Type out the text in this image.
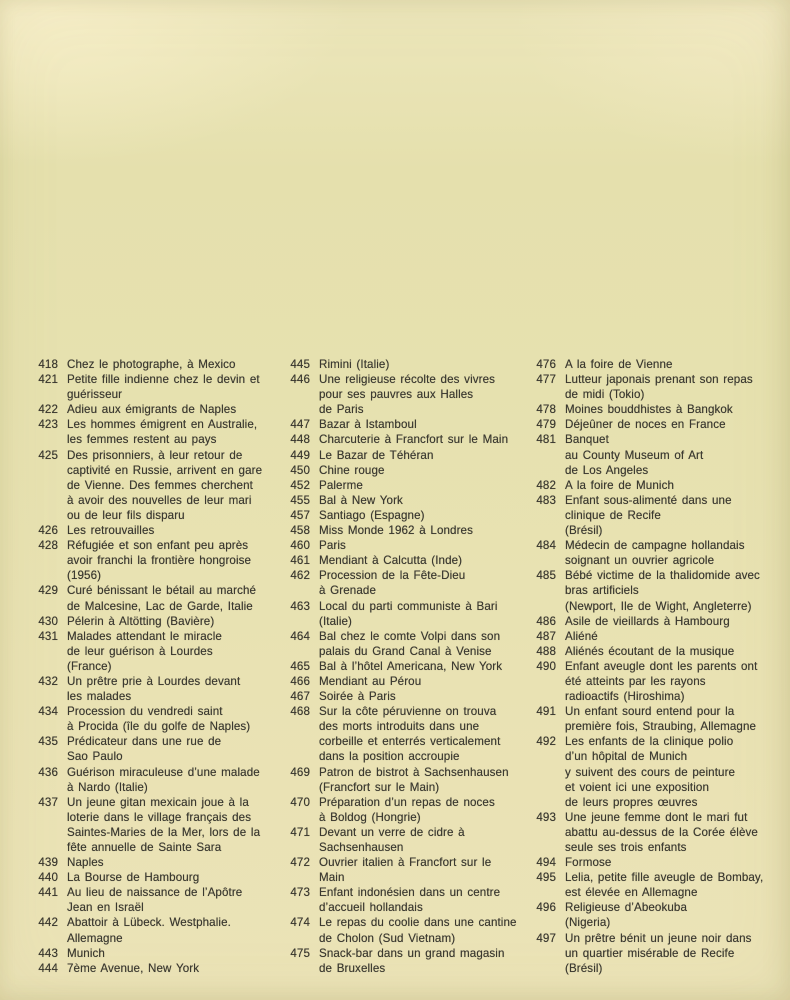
418 Chez le photographe, à Mexico
421 Petite fille indienne chez le devin et
guérisseur
422 Adieu aux émigrants de Naples
423 Les hommes émigrent en Australie,
les femmes restent au pays
425 Des prisonniers, à leur retour de
captivité en Russie, arrivent en gare
de Vienne. Des femmes cherchent
à avoir des nouvelles de leur mari
ou de leur fils disparu
426 Les retrouvailles
428 Réfugiée et son enfant peu après
avoir franchi la frontière hongroise
(1956)
429 Curé bénissant le bétail au marché
de Malcesine, Lac de Garde, Italie
430 Pélerin à Altötting (Bavière)
431 Malades attendant le miracle
de leur guérison à Lourdes
(France)
432 Un prêtre prie à Lourdes devant
les malades
434 Procession du vendredi saint
à Procida (île du golfe de Naples)
435 Prédicateur dans une rue de
Sao Paulo
436 Guérison miraculeuse d’une malade
à Nardo (Italie)
437 Un jeune gitan mexicain joue à la
loterie dans le village français des
Saintes-Maries de la Mer, lors de la
fête annuelle de Sainte Sara
439 Naples
440 La Bourse de Hambourg
441 Au lieu de naissance de l’Apôtre
Jean en Israël
442 Abattoir à Lübeck. Westphalie.
Allemagne
443 Munich
444 7ème Avenue, New York
445 Rimini (Italie)
446 Une religieuse récolte des vivres
pour ses pauvres aux Halles
de Paris
447 Bazar à Istamboul
448 Charcuterie à Francfort sur le Main
449 Le Bazar de Téhéran
450 Chine rouge
452 Palerme
455 Bal à New York
457 Santiago (Espagne)
458 Miss Monde 1962 à Londres
460 Paris
461 Mendiant à Calcutta (Inde)
462 Procession de la Fête-Dieu
à Grenade
463 Local du parti communiste à Bari
(Italie)
464 Bal chez le comte Volpi dans son
palais du Grand Canal à Venise
465 Bal à l’hôtel Americana, New York
466 Mendiant au Pérou
467 Soirée à Paris
468 Sur la côte péruvienne on trouva
des morts introduits dans une
corbeille et enterrés verticalement
dans la position accroupie
469 Patron de bistrot à Sachsenhausen
(Francfort sur le Main)
470 Préparation d’un repas de noces
à Boldog (Hongrie)
471 Devant un verre de cidre à
Sachsenhausen
472 Ouvrier italien à Francfort sur le
Main
473 Enfant indonésien dans un centre
d’accueil hollandais
474 Le repas du coolie dans une cantine
de Cholon (Sud Vietnam)
475 Snack-bar dans un grand magasin
de Bruxelles
476 A la foire de Vienne
477 Lutteur japonais prenant son repas
de midi (Tokio)
478 Moines bouddhistes à Bangkok
479 Déjeûner de noces en France
481 Banquet
au County Museum of Art
de Los Angeles
482 A la foire de Munich
483 Enfant sous-alimenté dans une
clinique de Recife
(Brésil)
484 Médecin de campagne hollandais
soignant un ouvrier agricole
485 Bébé victime de la thalidomide avec
bras artificiels
(Newport, Ile de Wight, Angleterre)
486 Asile de vieillards à Hambourg
487 Aliéné
488 Aliénés écoutant de la musique
490 Enfant aveugle dont les parents ont
été atteints par les rayons
radioactifs (Hiroshima)
491 Un enfant sourd entend pour la
première fois, Straubing, Allemagne
492 Les enfants de la clinique polio
d’un hôpital de Munich
y suivent des cours de peinture
et voient ici une exposition
de leurs propres œuvres
493 Une jeune femme dont le mari fut
abattu au-dessus de la Corée élève
seule ses trois enfants
494 Formose
495 Lelia, petite fille aveugle de Bombay,
est élevée en Allemagne
496 Religieuse d’Abeokuba
(Nigeria)
497 Un prêtre bénit un jeune noir dans
un quartier misérable de Recife
(Brésil)
